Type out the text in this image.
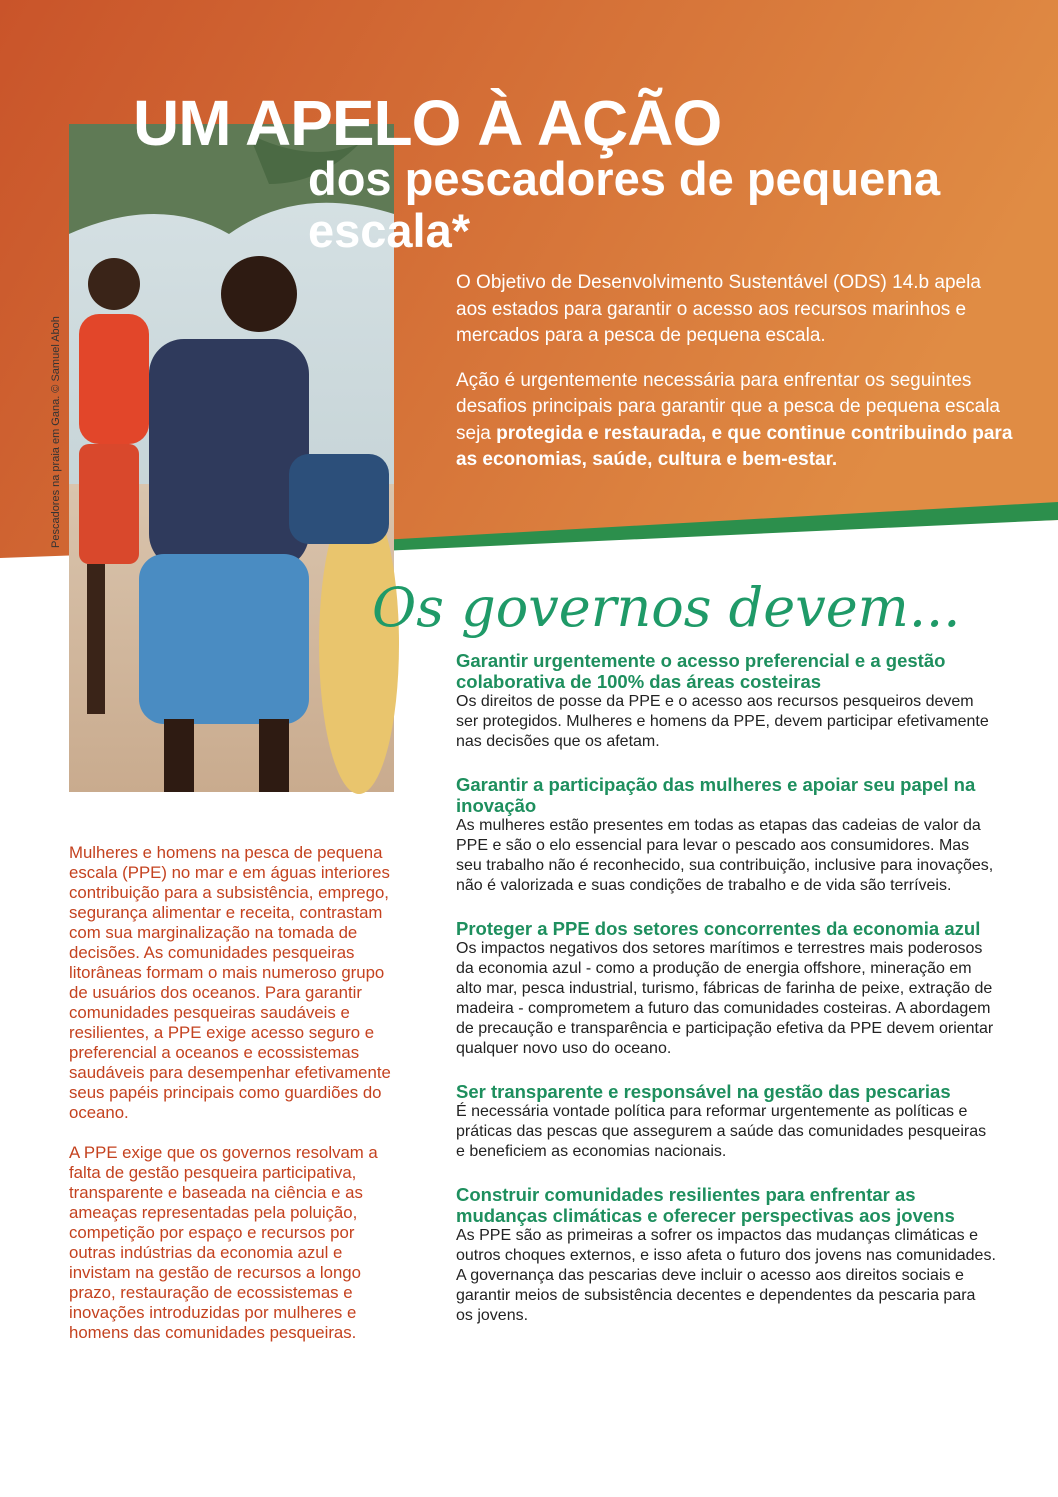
Pescadores na praia em Gana. © Samuel Aboh
UM APELO À AÇÃO
dos pescadores de pequena escala*

O Objetivo de Desenvolvimento Sustentável (ODS) 14.b apela aos estados para garantir o acesso aos recursos marinhos e mercados para a pesca de pequena escala.

Ação é urgentemente necessária para enfrentar os seguintes desafios principais para garantir que a pesca de pequena escala seja protegida e restaurada, e que continue contribuindo para as economias, saúde, cultura e bem-estar.

Os governos devem...
Garantir urgentemente o acesso preferencial e a gestão colaborativa de 100% das áreas costeiras

Os direitos de posse da PPE e o acesso aos recursos pesqueiros devem ser protegidos. Mulheres e homens da PPE, devem participar efetivamente nas decisões que os afetam.

Garantir a participação das mulheres e apoiar seu papel na inovação

As mulheres estão presentes em todas as etapas das cadeias de valor da PPE e são o elo essencial para levar o pescado aos consumidores. Mas seu trabalho não é reconhecido, sua contribuição, inclusive para inovações, não é valorizada e suas condições de trabalho e de vida são terríveis.

Proteger a PPE dos setores concorrentes da economia azul

Os impactos negativos dos setores marítimos e terrestres mais poderosos da economia azul - como a produção de energia offshore, mineração em alto mar, pesca industrial, turismo, fábricas de farinha de peixe, extração de madeira - comprometem a futuro das comunidades costeiras. A abordagem de precaução e transparência e participação efetiva da PPE devem orientar qualquer novo uso do oceano.

Ser transparente e responsável na gestão das pescarias

É necessária vontade política para reformar urgentemente as políticas e práticas das pescas que assegurem a saúde das comunidades pesqueiras e beneficiem as economias nacionais.

Construir comunidades resilientes para enfrentar as mudanças climáticas e oferecer perspectivas aos jovens

As PPE são as primeiras a sofrer os impactos das mudanças climáticas e outros choques externos, e isso afeta o futuro dos jovens nas comunidades. A governança das pescarias deve incluir o acesso aos direitos sociais e garantir meios de subsistência decentes e dependentes da pescaria para os jovens.

Mulheres e homens na pesca de pequena escala (PPE) no mar e em águas interiores contribuição para a subsistência, emprego, segurança alimentar e receita, contrastam com sua marginalização na tomada de decisões. As comunidades pesqueiras litorâneas formam o mais numeroso grupo de usuários dos oceanos. Para garantir comunidades pesqueiras saudáveis e resilientes, a PPE exige acesso seguro e preferencial a oceanos e ecossistemas saudáveis para desempenhar efetivamente seus papéis principais como guardiões do oceano.

A PPE exige que os governos resolvam a falta de gestão pesqueira participativa, transparente e baseada na ciência e as ameaças representadas pela poluição, competição por espaço e recursos por outras indústrias da economia azul e invistam na gestão de recursos a longo prazo, restauração de ecossistemas e inovações introduzidas por mulheres e homens das comunidades pesqueiras.
